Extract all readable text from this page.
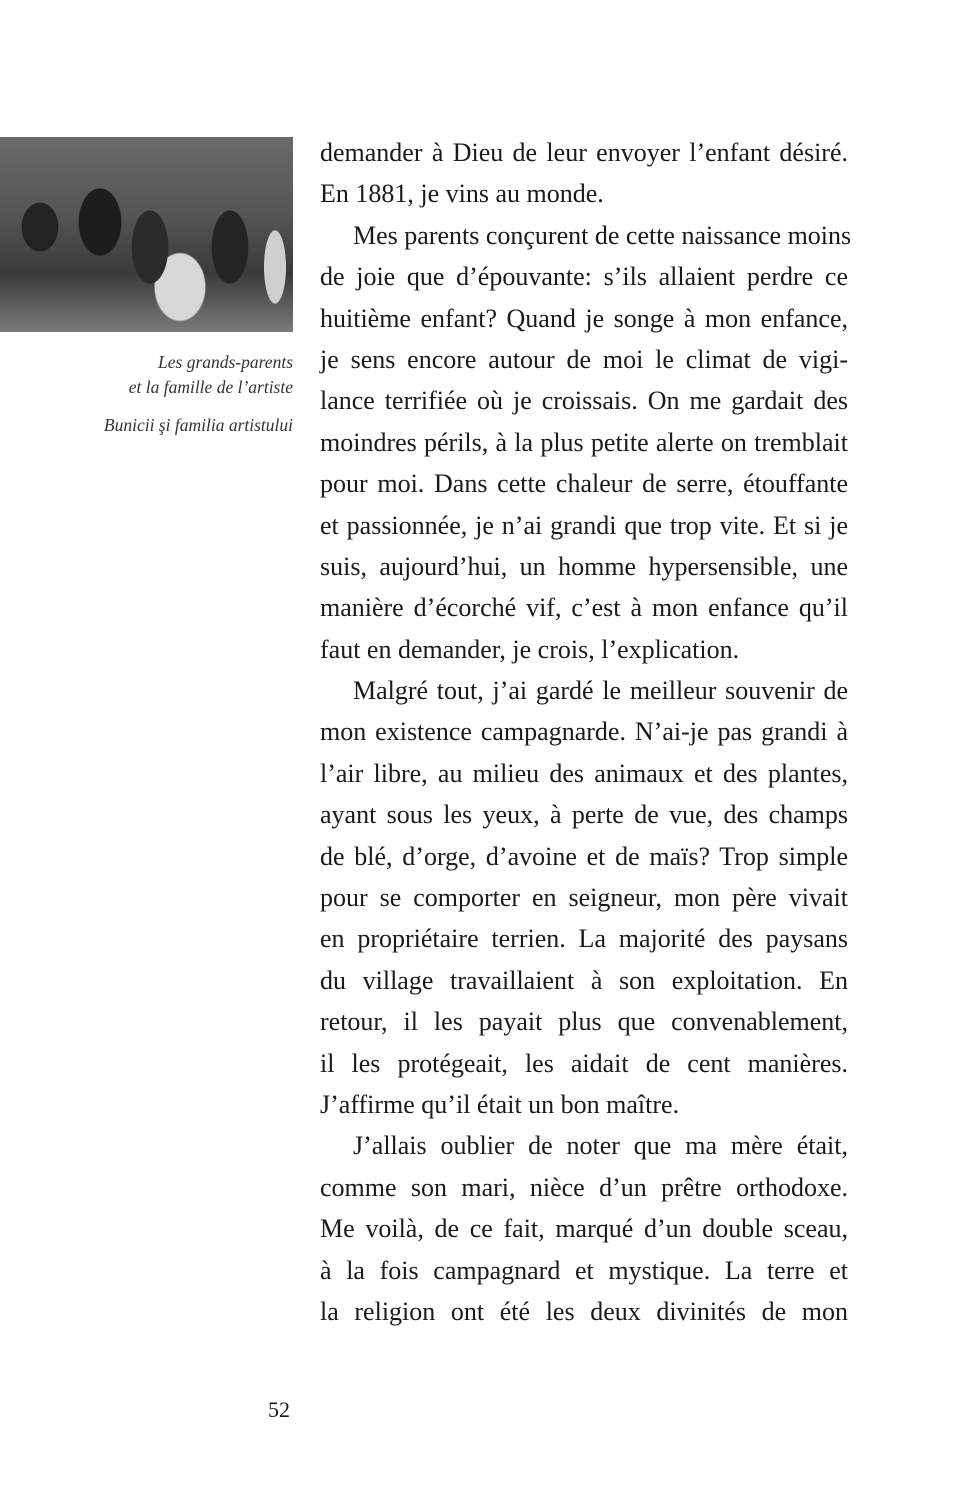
Les grands-parents
et la famille de l’artiste

Bunicii şi familia artistului

demander à Dieu de leur envoyer l’enfant désiré.
En 1881, je vins au monde.
Mes parents conçurent de cette naissance moins
de joie que d’épouvante: s’ils allaient perdre ce
huitième enfant? Quand je songe à mon enfance,
je sens encore autour de moi le climat de vigi-
lance terrifiée où je croissais. On me gardait des
moindres périls, à la plus petite alerte on tremblait
pour moi. Dans cette chaleur de serre, étouffante
et passionnée, je n’ai grandi que trop vite. Et si je
suis, aujourd’hui, un homme hypersensible, une
manière d’écorché vif, c’est à mon enfance qu’il
faut en demander, je crois, l’explication.
Malgré tout, j’ai gardé le meilleur souvenir de
mon existence campagnarde. N’ai-je pas grandi à
l’air libre, au milieu des animaux et des plantes,
ayant sous les yeux, à perte de vue, des champs
de blé, d’orge, d’avoine et de maïs? Trop simple
pour se comporter en seigneur, mon père vivait
en propriétaire terrien. La majorité des paysans
du village travaillaient à son exploitation. En
retour, il les payait plus que convenablement,
il les protégeait, les aidait de cent manières.
J’affirme qu’il était un bon maître.
J’allais oublier de noter que ma mère était,
comme son mari, nièce d’un prêtre orthodoxe.
Me voilà, de ce fait, marqué d’un double sceau,
à la fois campagnard et mystique. La terre et
la religion ont été les deux divinités de mon
52
